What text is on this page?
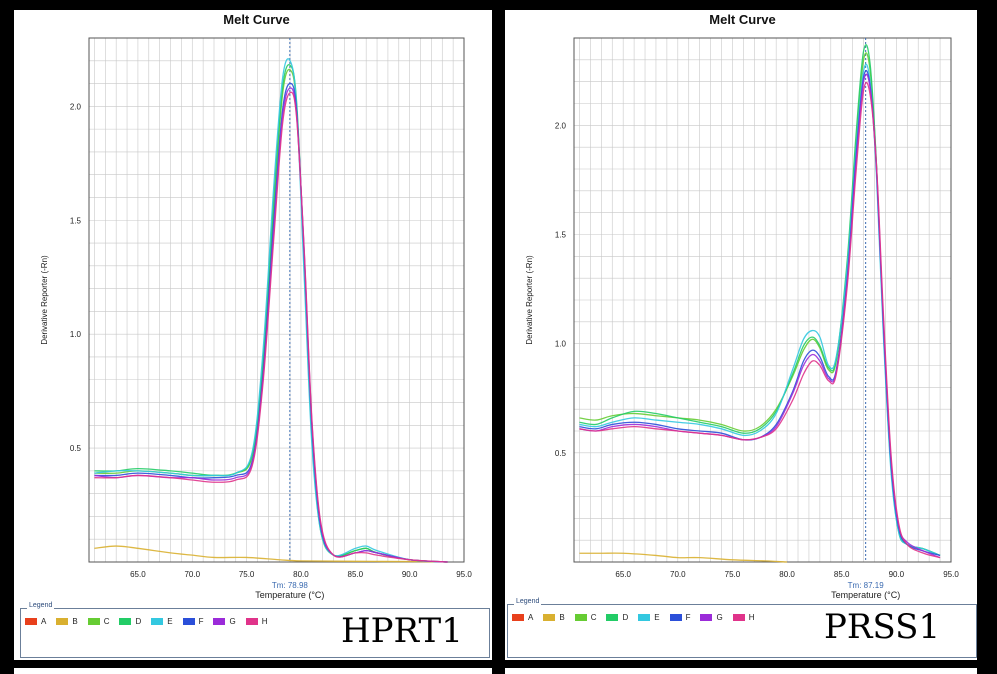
Melt Curve
65.0	70.0	75.0	80.0	85.0	90.0	95.0
0.5
1.0
1.5
2.0
Temperature (°C)
Derivative Reporter (-Rn)
Tm: 78.98
Legend
A	B	C	D	E	F	G	H HPRT1
Melt Curve
65.0	70.0	75.0	80.0	85.0	90.0	95.0
0.5
1.0
1.5
2.0
Temperature (°C)
Derivative Reporter (-Rn)
Tm: 87.19
Legend
A	B	C	D	E	F	G	H PRSS1
